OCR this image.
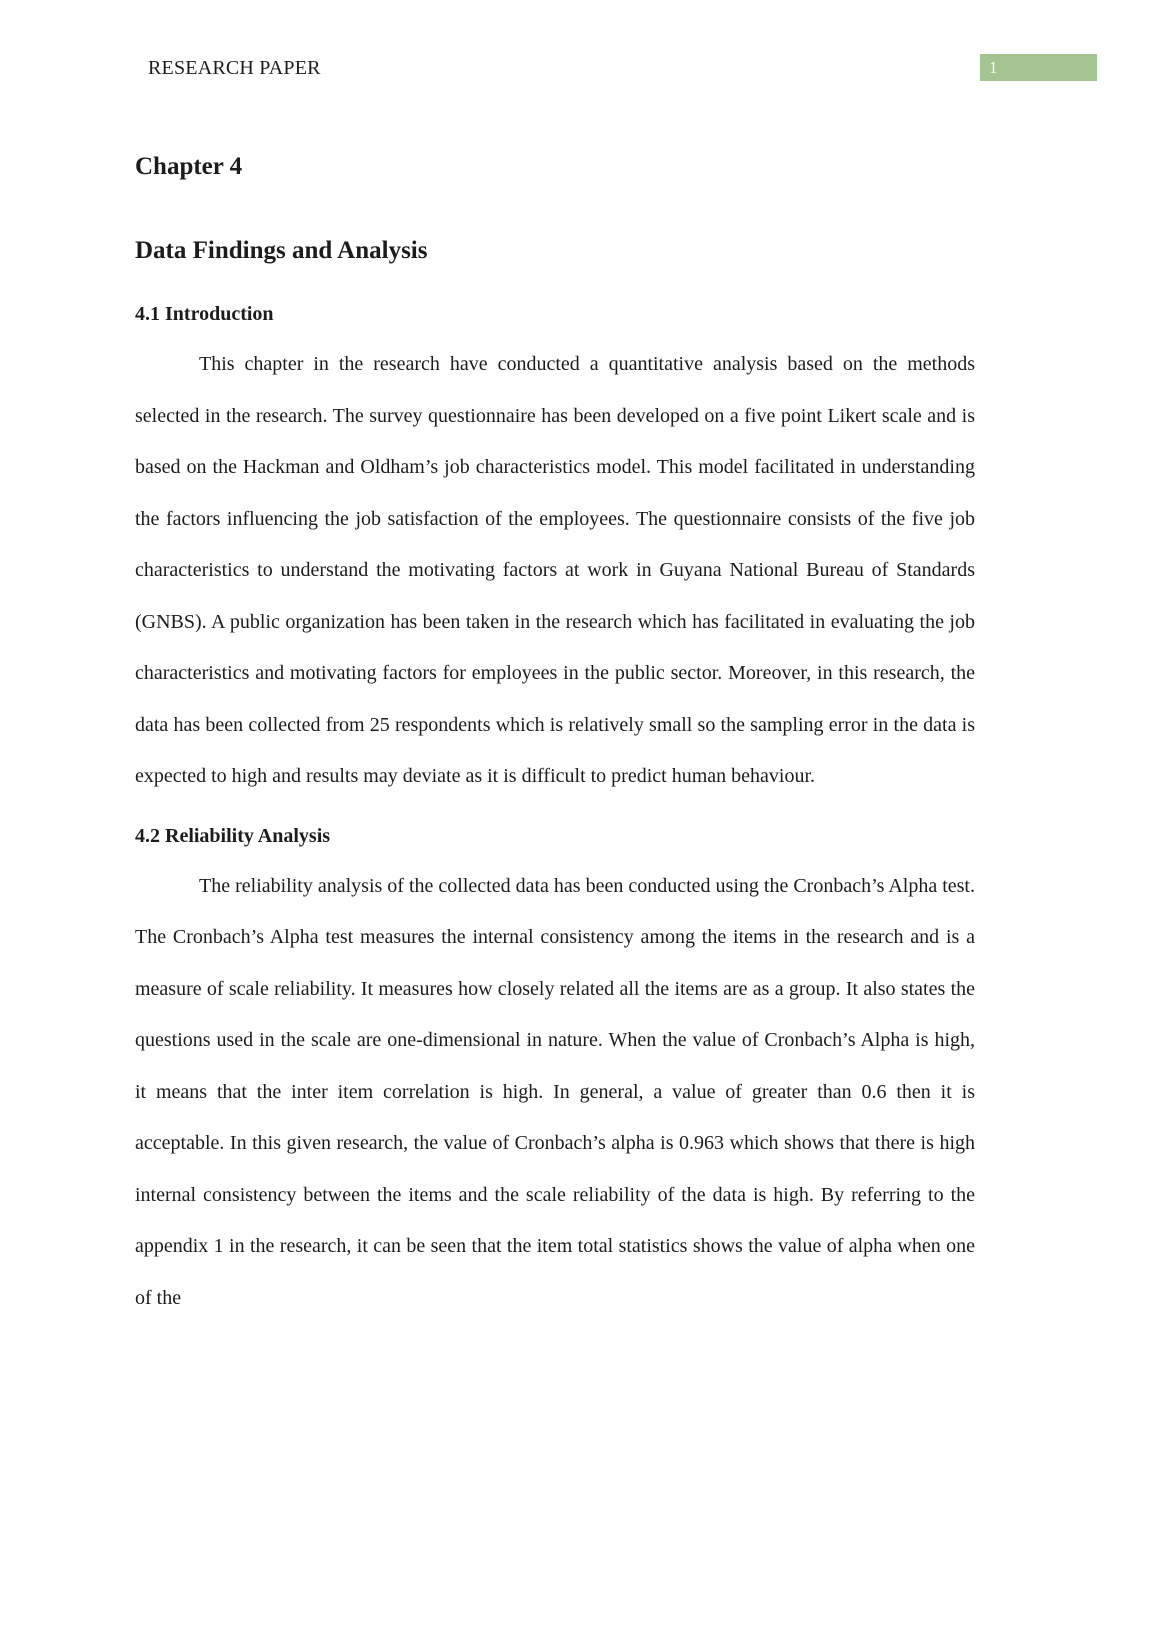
RESEARCH PAPER	1
Chapter 4
Data Findings and Analysis
4.1 Introduction

This chapter in the research have conducted a quantitative analysis based on the methods selected in the research. The survey questionnaire has been developed on a five point Likert scale and is based on the Hackman and Oldham’s job characteristics model. This model facilitated in understanding the factors influencing the job satisfaction of the employees. The questionnaire consists of the five job characteristics to understand the motivating factors at work in Guyana National Bureau of Standards (GNBS). A public organization has been taken in the research which has facilitated in evaluating the job characteristics and motivating factors for employees in the public sector. Moreover, in this research, the data has been collected from 25 respondents which is relatively small so the sampling error in the data is expected to high and results may deviate as it is difficult to predict human behaviour.

4.2 Reliability Analysis

The reliability analysis of the collected data has been conducted using the Cronbach’s Alpha test. The Cronbach’s Alpha test measures the internal consistency among the items in the research and is a measure of scale reliability. It measures how closely related all the items are as a group. It also states the questions used in the scale are one-dimensional in nature. When the value of Cronbach’s Alpha is high, it means that the inter item correlation is high. In general, a value of greater than 0.6 then it is acceptable. In this given research, the value of Cronbach’s alpha is 0.963 which shows that there is high internal consistency between the items and the scale reliability of the data is high. By referring to the appendix 1 in the research, it can be seen that the item total statistics shows the value of alpha when one of the
